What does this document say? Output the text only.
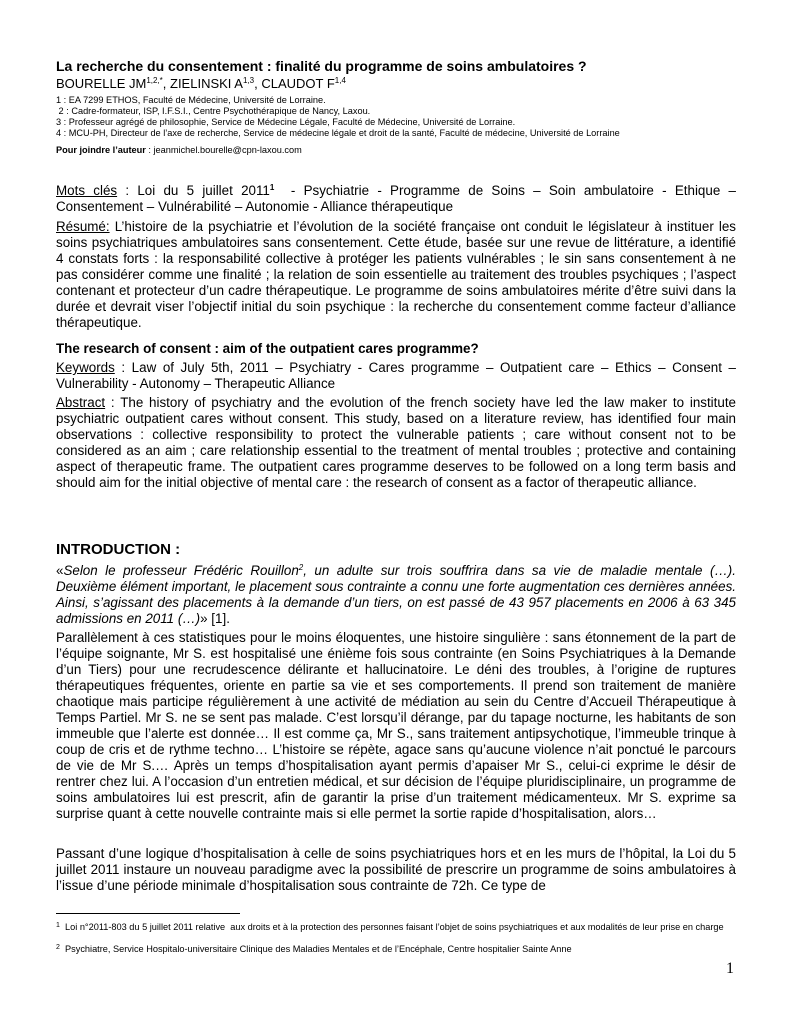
La recherche du consentement : finalité du programme de soins ambulatoires ?
BOURELLE $JM^{1,2,*}$, ZIELINSKI A$^{1,3}$, CLAUDOT F$^{1,4}$
1 : EA 7299 ETHOS, Faculté de Médecine, Université de Lorraine.
2 : Cadre-formateur, ISP, I.F.S.I., Centre Psychothérapique de Nancy, Laxou.
3 : Professeur agrégé de philosophie, Service de Médecine Légale, Faculté de Médecine, Université de Lorraine.
4 : MCU-PH, Directeur de l’axe de recherche, Service de médecine légale et droit de la santé, Faculté de médecine, Université de Lorraine
Pour joindre l’auteur : jeanmichel.bourelle@cpn-laxou.com
Mots clés : Loi du 5 juillet 2011$^1$  - Psychiatrie - Programme de Soins – Soin ambulatoire - Ethique – Consentement – Vulnérabilité – Autonomie - Alliance thérapeutique
Résumé: L’histoire de la psychiatrie et l’évolution de la société française ont conduit le législateur à instituer les soins psychiatriques ambulatoires sans consentement. Cette étude, basée sur une revue de littérature, a identifié 4 constats forts : la responsabilité collective à protéger les patients vulnérables ; le sin sans consentement à ne pas considérer comme une finalité ; la relation de soin essentielle au traitement des troubles psychiques ; l’aspect contenant et protecteur d’un cadre thérapeutique. Le programme de soins ambulatoires mérite d’être suivi dans la durée et devrait viser l’objectif initial du soin psychique : la recherche du consentement comme facteur d’alliance thérapeutique.
The research of consent : aim of the outpatient cares programme?
Keywords : Law of July 5th, 2011 – Psychiatry - Cares programme – Outpatient care – Ethics – Consent – Vulnerability - Autonomy – Therapeutic Alliance
Abstract : The history of psychiatry and the evolution of the french society have led the law maker to institute psychiatric outpatient cares without consent. This study, based on a literature review, has identified four main observations : collective responsibility to protect the vulnerable patients ; care without consent not to be considered as an aim ; care relationship essential to the treatment of mental troubles ; protective and containing aspect of therapeutic frame. The outpatient cares programme deserves to be followed on a long term basis and should aim for the initial objective of mental care : the research of consent as a factor of therapeutic alliance.
INTRODUCTION :
«Selon le professeur Frédéric Rouillon$^2$, un adulte sur trois souffrira dans sa vie de maladie mentale (…). Deuxième élément important, le placement sous contrainte a connu une forte augmentation ces dernières années. Ainsi, s’agissant des placements à la demande d’un tiers, on est passé de 43 957 placements en 2006 à 63 345 admissions en 2011 (…)» [1].
Parallèlement à ces statistiques pour le moins éloquentes, une histoire singulière : sans étonnement de la part de l’équipe soignante, Mr S. est hospitalisé une énième fois sous contrainte (en Soins Psychiatriques à la Demande d’un Tiers) pour une recrudescence délirante et hallucinatoire. Le déni des troubles, à l’origine de ruptures thérapeutiques fréquentes, oriente en partie sa vie et ses comportements. Il prend son traitement de manière chaotique mais participe régulièrement à une activité de médiation au sein du Centre d’Accueil Thérapeutique à Temps Partiel. Mr S. ne se sent pas malade. C’est lorsqu’il dérange, par du tapage nocturne, les habitants de son immeuble que l’alerte est donnée… Il est comme ça, Mr S., sans traitement antipsychotique, l’immeuble trinque à coup de cris et de rythme techno… L’histoire se répète, agace sans qu’aucune violence n’ait ponctué le parcours de vie de Mr S.… Après un temps d’hospitalisation ayant permis d’apaiser Mr S., celui-ci exprime le désir de rentrer chez lui. A l’occasion d’un entretien médical, et sur décision de l’équipe pluridisciplinaire, un programme de soins ambulatoires lui est prescrit, afin de garantir la prise d’un traitement médicamenteux. Mr S. exprime sa surprise quant à cette nouvelle contrainte mais si elle permet la sortie rapide d’hospitalisation, alors…
Passant d’une logique d’hospitalisation à celle de soins psychiatriques hors et en les murs de l’hôpital, la Loi du 5 juillet 2011 instaure un nouveau paradigme avec la possibilité de prescrire un programme de soins ambulatoires à l’issue d’une période minimale d’hospitalisation sous contrainte de 72h. Ce type de
$^1$  Loi n°2011-803 du 5 juillet 2011 relative  aux droits et à la protection des personnes faisant l’objet de soins psychiatriques et aux modalités de leur prise en charge
$^2$  Psychiatre, Service Hospitalo-universitaire Clinique des Maladies Mentales et de l’Encéphale, Centre hospitalier Sainte Anne
1
